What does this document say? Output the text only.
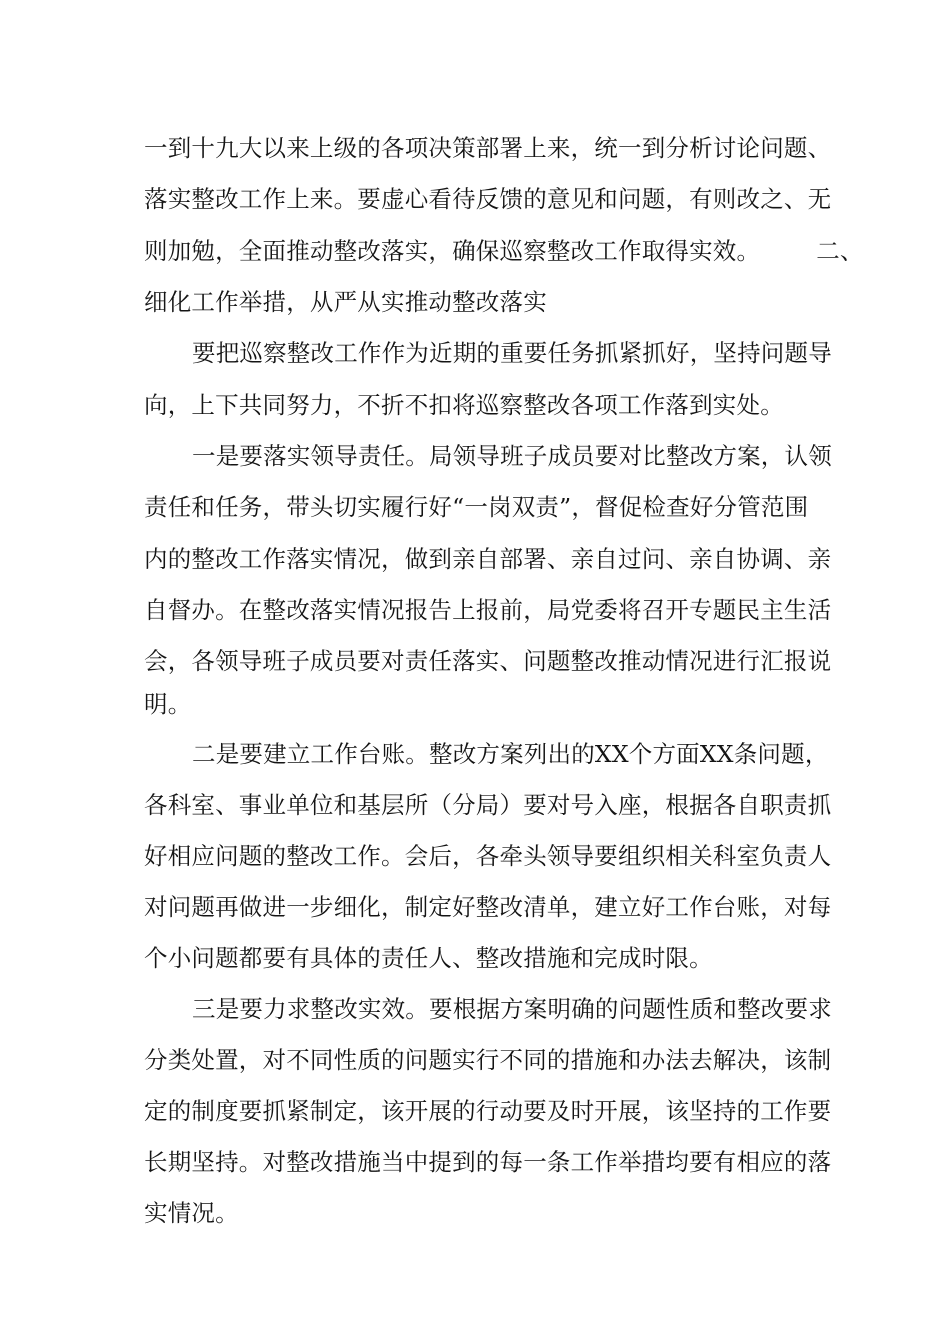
一到十九大以来上级的各项决策部署上来，统一到分析讨论问题、
落实整改工作上来。要虚心看待反馈的意见和问题，有则改之、无
则加勉，全面推动整改落实，确保巡察整改工作取得实效。 二、
细化工作举措，从严从实推动整改落实
要把巡察整改工作作为近期的重要任务抓紧抓好，坚持问题导
向，上下共同努力，不折不扣将巡察整改各项工作落到实处。
一是要落实领导责任。局领导班子成员要对比整改方案，认领
责任和任务，带头切实履行好“一岗双责”，督促检查好分管范围
内的整改工作落实情况，做到亲自部署、亲自过问、亲自协调、亲
自督办。在整改落实情况报告上报前，局党委将召开专题民主生活
会，各领导班子成员要对责任落实、问题整改推动情况进行汇报说
明。
二是要建立工作台账。整改方案列出的XX个方面XX条问题，
各科室、事业单位和基层所（分局）要对号入座，根据各自职责抓
好相应问题的整改工作。会后，各牵头领导要组织相关科室负责人
对问题再做进一步细化，制定好整改清单，建立好工作台账，对每
个小问题都要有具体的责任人、整改措施和完成时限。
三是要力求整改实效。要根据方案明确的问题性质和整改要求
分类处置，对不同性质的问题实行不同的措施和办法去解决，该制
定的制度要抓紧制定，该开展的行动要及时开展，该坚持的工作要
长期坚持。对整改措施当中提到的每一条工作举措均要有相应的落
实情况。
